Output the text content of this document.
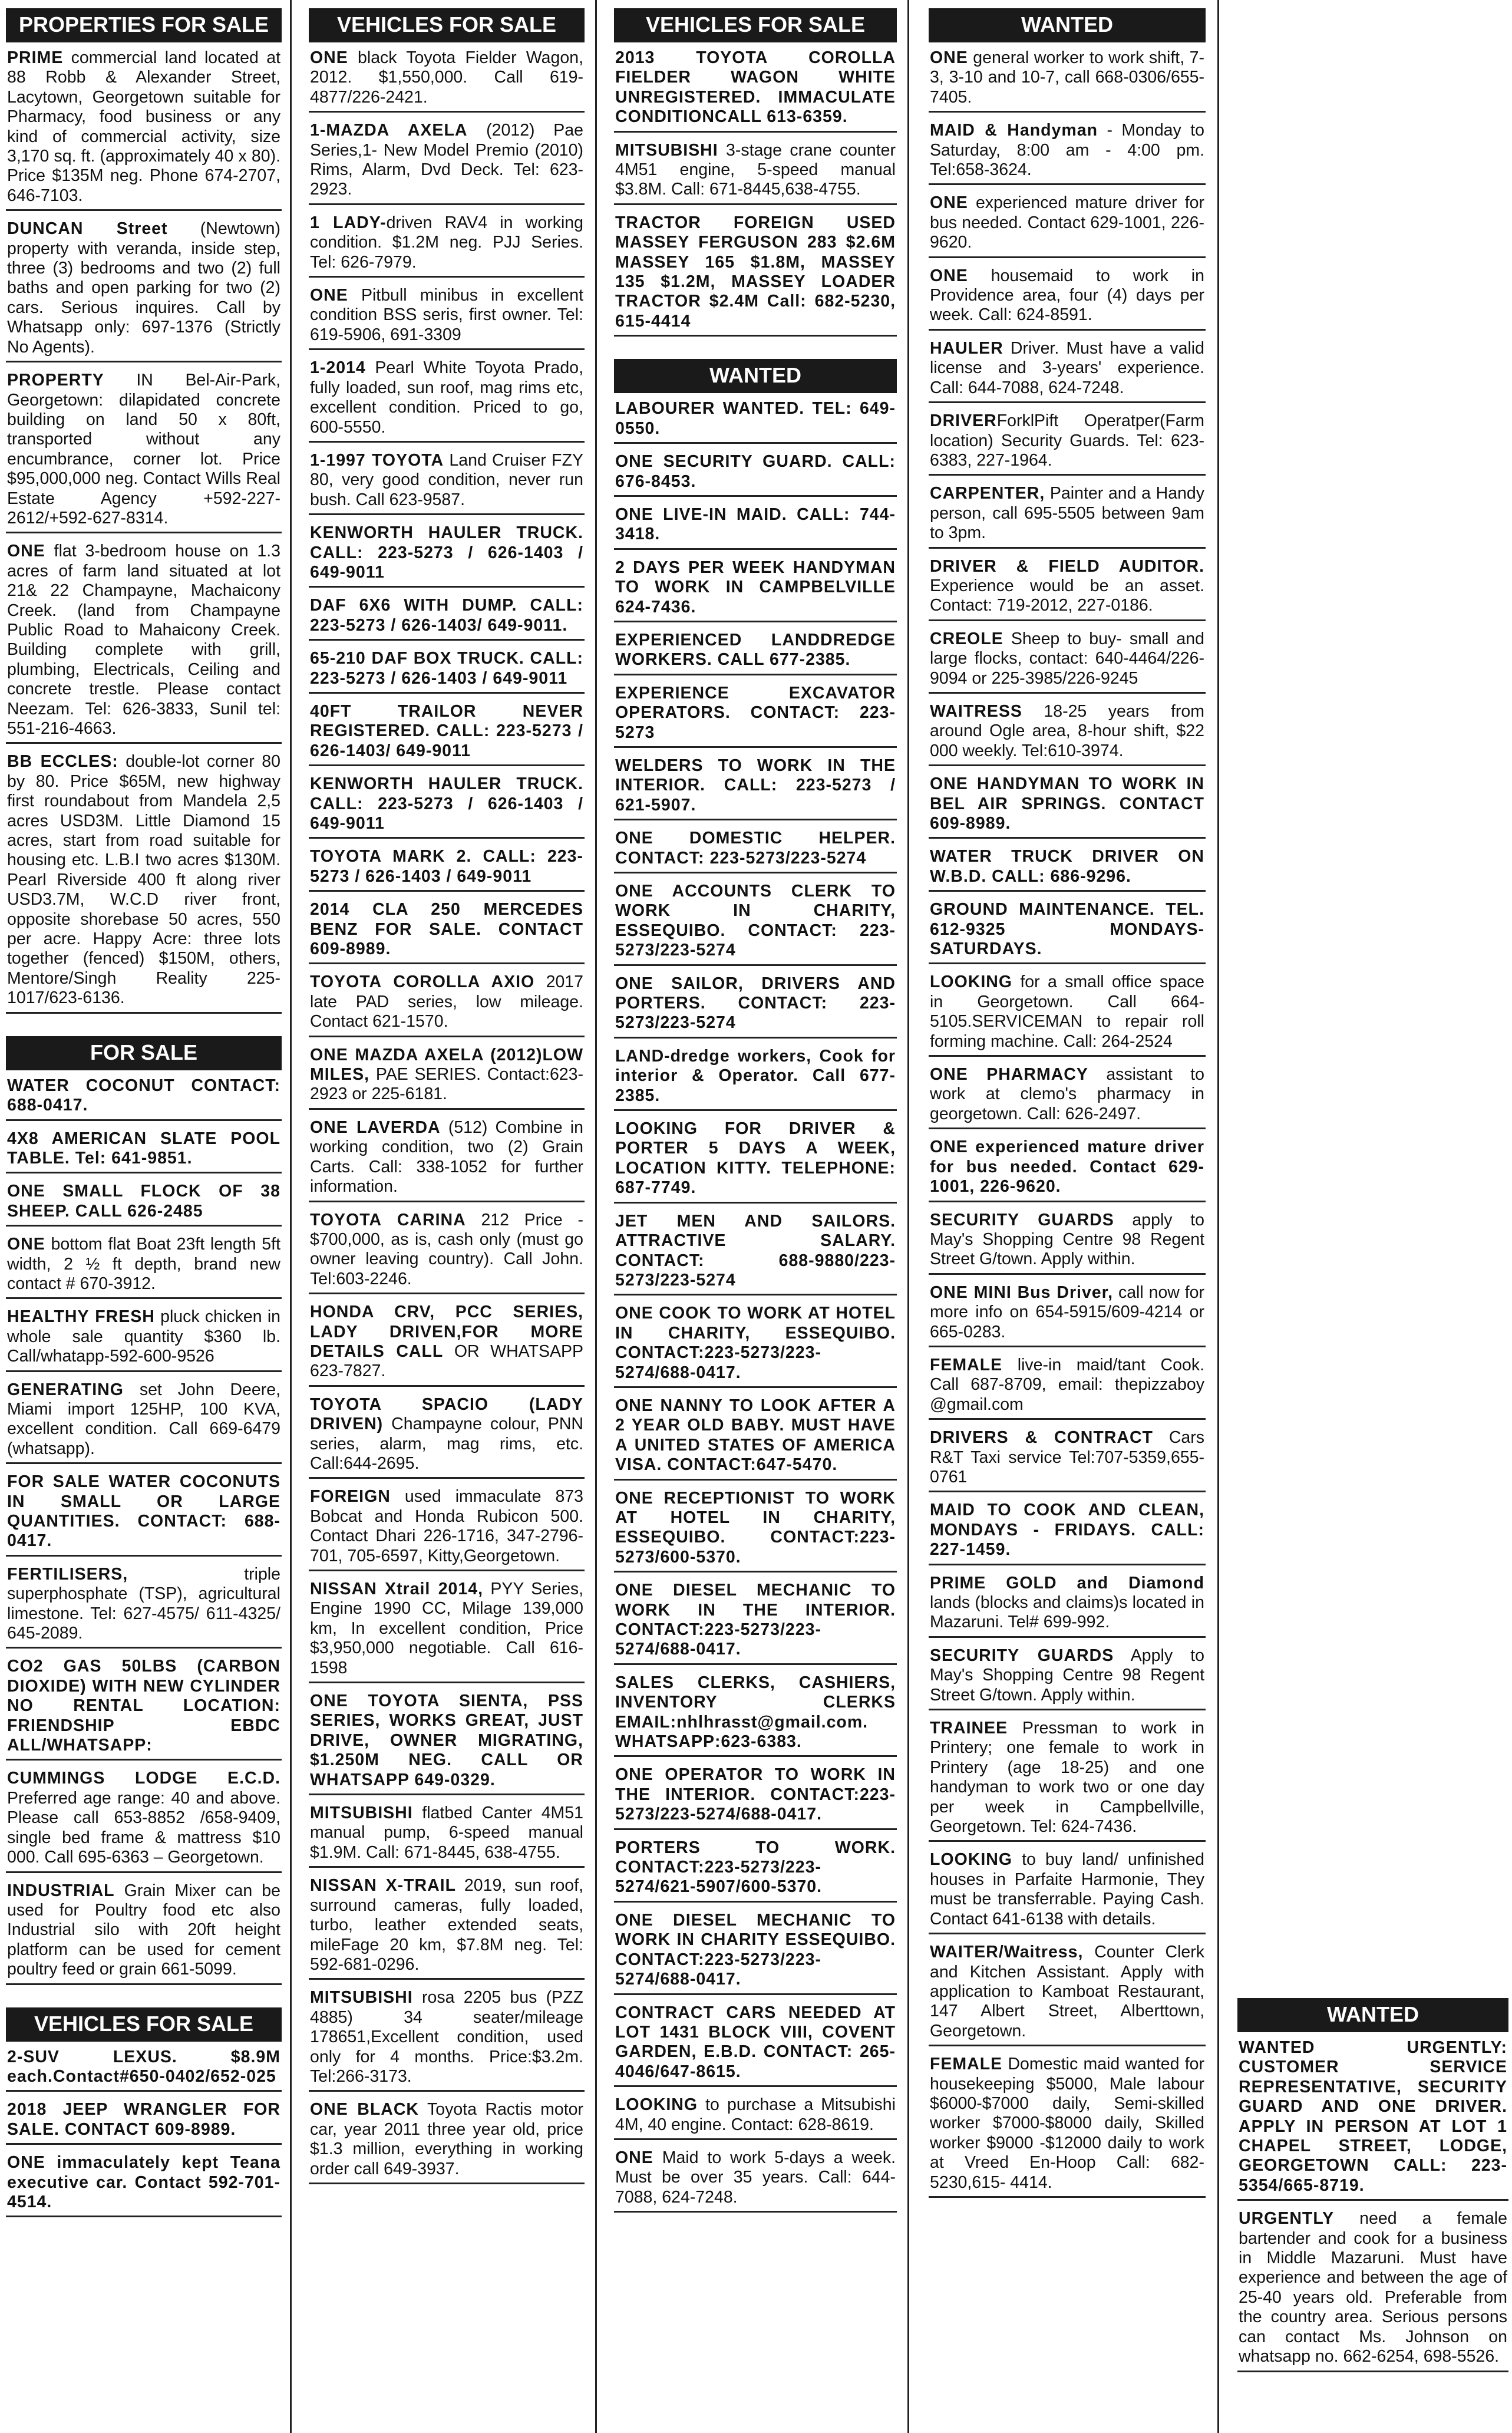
PROPERTIES FOR SALE
PRIME commercial land located at 88 Robb & Alexander Street, Lacytown, Georgetown suitable for Pharmacy, food business or any kind of commercial activity, size 3,170 sq. ft. (approximately 40 x 80). Price $135M neg. Phone 674-2707, 646-7103.
DUNCAN Street (Newtown) property with veranda, inside step, three (3) bedrooms and two (2) full baths and open parking for two (2) cars. Serious inquires. Call by Whatsapp only: 697-1376 (Strictly No Agents).
PROPERTY IN Bel-Air-Park, Georgetown: dilapidated concrete building on land 50 x 80ft, transported without any encumbrance, corner lot. Price $95,000,000 neg. Contact Wills Real Estate Agency +592-227-2612/+592-627-8314.
ONE flat 3-bedroom house on 1.3 acres of farm land situated at lot 21& 22 Champayne, Machaicony Creek. (land from Champayne Public Road to Mahaicony Creek. Building complete with grill, plumbing, Electricals, Ceiling and concrete trestle. Please contact Neezam. Tel: 626-3833, Sunil tel: 551-216-4663.
BB ECCLES: double-lot corner 80 by 80. Price $65M, new highway first roundabout from Mandela 2,5 acres USD3M. Little Diamond 15 acres, start from road suitable for housing etc. L.B.I two acres $130M. Pearl Riverside 400 ft along river USD3.7M, W.C.D river front, opposite shorebase 50 acres, 550 per acre. Happy Acre: three lots together (fenced) $150M, others, Mentore/Singh Reality 225-1017/623-6136.
FOR SALE
WATER COCONUT CONTACT: 688-0417.
4X8 AMERICAN SLATE POOL TABLE. Tel: 641-9851.
ONE SMALL FLOCK OF 38 SHEEP. CALL 626-2485
ONE bottom flat Boat 23ft length 5ft width, 2 ½ ft depth, brand new contact # 670-3912.
HEALTHY FRESH pluck chicken in whole sale quantity $360 lb. Call/whatapp-592-600-9526
GENERATING set John Deere, Miami import 125HP, 100 KVA, excellent condition. Call 669-6479 (whatsapp).
FOR SALE WATER COCONUTS IN SMALL OR LARGE QUANTITIES. CONTACT: 688-0417.
FERTILISERS, triple superphosphate (TSP), agricultural limestone. Tel: 627-4575/ 611-4325/ 645-2089.
CO2 GAS 50LBS (CARBON DIOXIDE) WITH NEW CYLINDER NO RENTAL LOCATION: FRIENDSHIP EBDC ALL/WHATSAPP:
CUMMINGS LODGE E.C.D. Preferred age range: 40 and above. Please call 653-8852 /658-9409, single bed frame & mattress $10 000. Call 695-6363 – Georgetown.
INDUSTRIAL Grain Mixer can be used for Poultry food etc also Industrial silo with 20ft height platform can be used for cement poultry feed or grain 661-5099.
VEHICLES FOR SALE
2-SUV LEXUS. $8.9M each.Contact#650-0402/652-025
2018 JEEP WRANGLER FOR SALE. CONTACT 609-8989.
ONE immaculately kept Teana executive car. Contact 592-701-4514.
VEHICLES FOR SALE
ONE black Toyota Fielder Wagon, 2012. $1,550,000. Call 619-4877/226-2421.
1-MAZDA AXELA (2012) Pae Series,1- New Model Premio (2010) Rims, Alarm, Dvd Deck. Tel: 623-2923.
1 LADY-driven RAV4 in working condition. $1.2M neg. PJJ Series. Tel: 626-7979.
ONE Pitbull minibus in excellent condition BSS seris, first owner. Tel: 619-5906, 691-3309
1-2014 Pearl White Toyota Prado, fully loaded, sun roof, mag rims etc, excellent condition. Priced to go, 600-5550.
1-1997 TOYOTA Land Cruiser FZY 80, very good condition, never run bush. Call 623-9587.
KENWORTH HAULER TRUCK. CALL: 223-5273 / 626-1403 / 649-9011
DAF 6X6 WITH DUMP. CALL: 223-5273 / 626-1403/ 649-9011.
65-210 DAF BOX TRUCK. CALL: 223-5273 / 626-1403 / 649-9011
40FT TRAILOR NEVER REGISTERED. CALL: 223-5273 / 626-1403/ 649-9011
KENWORTH HAULER TRUCK. CALL: 223-5273 / 626-1403 / 649-9011
TOYOTA MARK 2. CALL: 223-5273 / 626-1403 / 649-9011
2014 CLA 250 MERCEDES BENZ FOR SALE. CONTACT 609-8989.
TOYOTA COROLLA AXIO 2017 late PAD series, low mileage. Contact 621-1570.
ONE MAZDA AXELA (2012)LOW MILES, PAE SERIES. Contact:623-2923 or 225-6181.
ONE LAVERDA (512) Combine in working condition, two (2) Grain Carts. Call: 338-1052 for further information.
TOYOTA CARINA 212 Price - $700,000, as is, cash only (must go owner leaving country). Call John. Tel:603-2246.
HONDA CRV, PCC SERIES, LADY DRIVEN,FOR MORE DETAILS CALL OR WHATSAPP 623-7827.
TOYOTA SPACIO (LADY DRIVEN) Champayne colour, PNN series, alarm, mag rims, etc. Call:644-2695.
FOREIGN used immaculate 873 Bobcat and Honda Rubicon 500. Contact Dhari 226-1716, 347-2796-701, 705-6597, Kitty,Georgetown.
NISSAN Xtrail 2014, PYY Series, Engine 1990 CC, Milage 139,000 km, In excellent condition, Price $3,950,000 negotiable. Call 616-1598
ONE TOYOTA SIENTA, PSS SERIES, WORKS GREAT, JUST DRIVE, OWNER MIGRATING, $1.250M NEG. CALL OR WHATSAPP 649-0329.
MITSUBISHI flatbed Canter 4M51 manual pump, 6-speed manual $1.9M. Call: 671-8445, 638-4755.
NISSAN X-TRAIL 2019, sun roof, surround cameras, fully loaded, turbo, leather extended seats, mileFage 20 km, $7.8M neg. Tel: 592-681-0296.
MITSUBISHI rosa 2205 bus (PZZ 4885) 34 seater/mileage 178651,Excellent condition, used only for 4 months. Price:$3.2m. Tel:266-3173.
ONE BLACK Toyota Ractis motor car, year 2011 three year old, price $1.3 million, everything in working order call 649-3937.
VEHICLES FOR SALE
2013 TOYOTA COROLLA FIELDER WAGON WHITE UNREGISTERED. IMMACULATE CONDITIONCALL 613-6359.
MITSUBISHI 3-stage crane counter 4M51 engine, 5-speed manual $3.8M. Call: 671-8445,638-4755.
TRACTOR FOREIGN USED MASSEY FERGUSON 283 $2.6M MASSEY 165 $1.8M, MASSEY 135 $1.2M, MASSEY LOADER TRACTOR $2.4M Call: 682-5230, 615-4414
WANTED
LABOURER WANTED. TEL: 649-0550.
ONE SECURITY GUARD. CALL: 676-8453.
ONE LIVE-IN MAID. CALL: 744-3418.
2 DAYS PER WEEK HANDYMAN TO WORK IN CAMPBELVILLE 624-7436.
EXPERIENCED LANDDREDGE WORKERS. CALL 677-2385.
EXPERIENCE EXCAVATOR OPERATORS. CONTACT: 223-5273
WELDERS TO WORK IN THE INTERIOR. CALL: 223-5273 / 621-5907.
ONE DOMESTIC HELPER. CONTACT: 223-5273/223-5274
ONE ACCOUNTS CLERK TO WORK IN CHARITY, ESSEQUIBO. CONTACT: 223-5273/223-5274
ONE SAILOR, DRIVERS AND PORTERS. CONTACT: 223-5273/223-5274
LAND-dredge workers, Cook for interior & Operator. Call 677-2385.
LOOKING FOR DRIVER & PORTER 5 DAYS A WEEK, LOCATION KITTY. TELEPHONE: 687-7749.
JET MEN AND SAILORS. ATTRACTIVE SALARY. CONTACT: 688-9880/223-5273/223-5274
ONE COOK TO WORK AT HOTEL IN CHARITY, ESSEQUIBO. CONTACT:223-5273/223-5274/688-0417.
ONE NANNY TO LOOK AFTER A 2 YEAR OLD BABY. MUST HAVE A UNITED STATES OF AMERICA VISA. CONTACT:647-5470.
ONE RECEPTIONIST TO WORK AT HOTEL IN CHARITY, ESSEQUIBO. CONTACT:223-5273/600-5370.
ONE DIESEL MECHANIC TO WORK IN THE INTERIOR. CONTACT:223-5273/223-5274/688-0417.
SALES CLERKS, CASHIERS, INVENTORY CLERKS EMAIL:nhlhrasst@gmail.com. WHATSAPP:623-6383.
ONE OPERATOR TO WORK IN THE INTERIOR. CONTACT:223-5273/223-5274/688-0417.
PORTERS TO WORK. CONTACT:223-5273/223-5274/621-5907/600-5370.
ONE DIESEL MECHANIC TO WORK IN CHARITY ESSEQUIBO. CONTACT:223-5273/223-5274/688-0417.
CONTRACT CARS NEEDED AT LOT 1431 BLOCK VIII, COVENT GARDEN, E.B.D. CONTACT: 265-4046/647-8615.
LOOKING to purchase a Mitsubishi 4M, 40 engine. Contact: 628-8619.
ONE Maid to work 5-days a week. Must be over 35 years. Call: 644-7088, 624-7248.
WANTED
ONE general worker to work shift, 7-3, 3-10 and 10-7, call 668-0306/655-7405.
MAID & Handyman - Monday to Saturday, 8:00 am - 4:00 pm. Tel:658-3624.
ONE experienced mature driver for bus needed. Contact 629-1001, 226-9620.
ONE housemaid to work in Providence area, four (4) days per week. Call: 624-8591.
HAULER Driver. Must have a valid license and 3-years' experience. Call: 644-7088, 624-7248.
DRIVERForklPift Operatper(Farm location) Security Guards. Tel: 623-6383, 227-1964.
CARPENTER, Painter and a Handy person, call 695-5505 between 9am to 3pm.
DRIVER & FIELD AUDITOR. Experience would be an asset. Contact: 719-2012, 227-0186.
CREOLE Sheep to buy- small and large flocks, contact: 640-4464/226-9094 or 225-3985/226-9245
WAITRESS 18-25 years from around Ogle area, 8-hour shift, $22 000 weekly. Tel:610-3974.
ONE HANDYMAN TO WORK IN BEL AIR SPRINGS. CONTACT 609-8989.
WATER TRUCK DRIVER ON W.B.D. CALL: 686-9296.
GROUND MAINTENANCE. TEL. 612-9325 MONDAYS-SATURDAYS.
LOOKING for a small office space in Georgetown. Call 664-5105.SERVICEMAN to repair roll forming machine. Call: 264-2524
ONE PHARMACY assistant to work at clemo's pharmacy in georgetown. Call: 626-2497.
ONE experienced mature driver for bus needed. Contact 629-1001, 226-9620.
SECURITY GUARDS apply to May's Shopping Centre 98 Regent Street G/town. Apply within.
ONE MINI Bus Driver, call now for more info on 654-5915/609-4214 or 665-0283.
FEMALE live-in maid/tant Cook. Call 687-8709, email: thepizzaboy @gmail.com
DRIVERS & CONTRACT Cars R&T Taxi service Tel:707-5359,655-0761
MAID TO COOK AND CLEAN, MONDAYS - FRIDAYS. CALL: 227-1459.
PRIME GOLD and Diamond lands (blocks and claims)s located in Mazaruni. Tel# 699-992.
SECURITY GUARDS Apply to May's Shopping Centre 98 Regent Street G/town. Apply within.
TRAINEE Pressman to work in Printery; one female to work in Printery (age 18-25) and one handyman to work two or one day per week in Campbellville, Georgetown. Tel: 624-7436.
LOOKING to buy land/ unfinished houses in Parfaite Harmonie, They must be transferrable. Paying Cash. Contact 641-6138 with details.
WAITER/Waitress, Counter Clerk and Kitchen Assistant. Apply with application to Kamboat Restaurant, 147 Albert Street, Alberttown, Georgetown.
FEMALE Domestic maid wanted for housekeeping $5000, Male labour $6000-$7000 daily, Semi-skilled worker $7000-$8000 daily, Skilled worker $9000 -$12000 daily to work at Vreed En-Hoop Call: 682-5230,615- 4414.
WANTED
WANTED URGENTLY: CUSTOMER SERVICE REPRESENTATIVE, SECURITY GUARD AND ONE DRIVER. APPLY IN PERSON AT LOT 1 CHAPEL STREET, LODGE, GEORGETOWN CALL: 223-5354/665-8719.
URGENTLY need a female bartender and cook for a business in Middle Mazaruni. Must have experience and between the age of 25-40 years old. Preferable from the country area. Serious persons can contact Ms. Johnson on whatsapp no. 662-6254, 698-5526.
